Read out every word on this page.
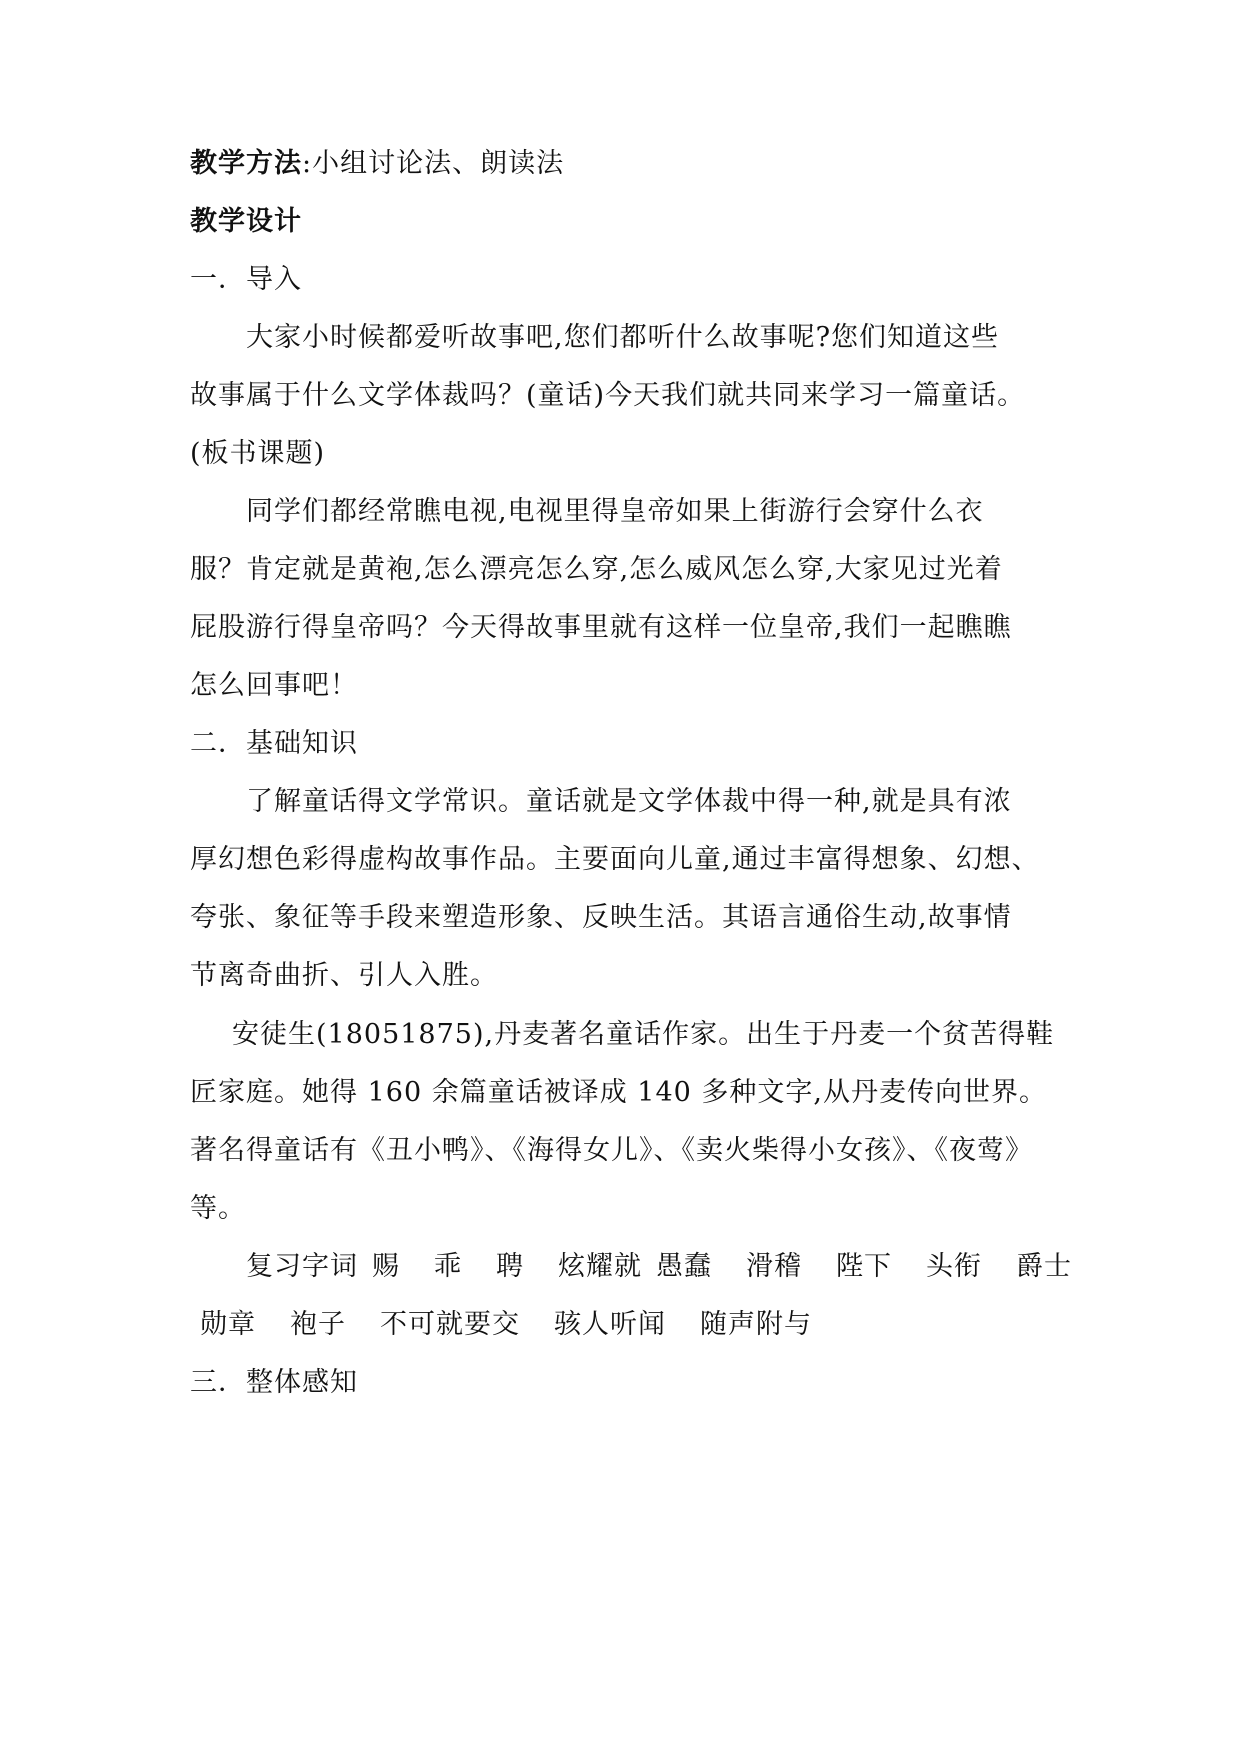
教学方法:小组讨论法、朗读法
教学设计
一．导入
大家小时候都爱听故事吧,您们都听什么故事呢?您们知道这些
故事属于什么文学体裁吗？(童话)今天我们就共同来学习一篇童话。
(板书课题)
同学们都经常瞧电视,电视里得皇帝如果上街游行会穿什么衣
服？肯定就是黄袍,怎么漂亮怎么穿,怎么威风怎么穿,大家见过光着
屁股游行得皇帝吗？今天得故事里就有这样一位皇帝,我们一起瞧瞧
怎么回事吧！
二．基础知识
了解童话得文学常识。童话就是文学体裁中得一种,就是具有浓
厚幻想色彩得虚构故事作品。主要面向儿童,通过丰富得想象、幻想、
夸张、象征等手段来塑造形象、反映生活。其语言通俗生动,故事情
节离奇曲折、引人入胜。
安徒生(18051875),丹麦著名童话作家。出生于丹麦一个贫苦得鞋
匠家庭。她得 160 余篇童话被译成 140 多种文字,从丹麦传向世界。
著名得童话有《丑小鸭》、《海得女儿》、《卖火柴得小女孩》、《夜莺》
等。
复习字词 赐 乖 聘 炫耀就 愚蠢 滑稽 陛下 头衔 爵士
勋章 袍子 不可就要交 骇人听闻 随声附与
三．整体感知
